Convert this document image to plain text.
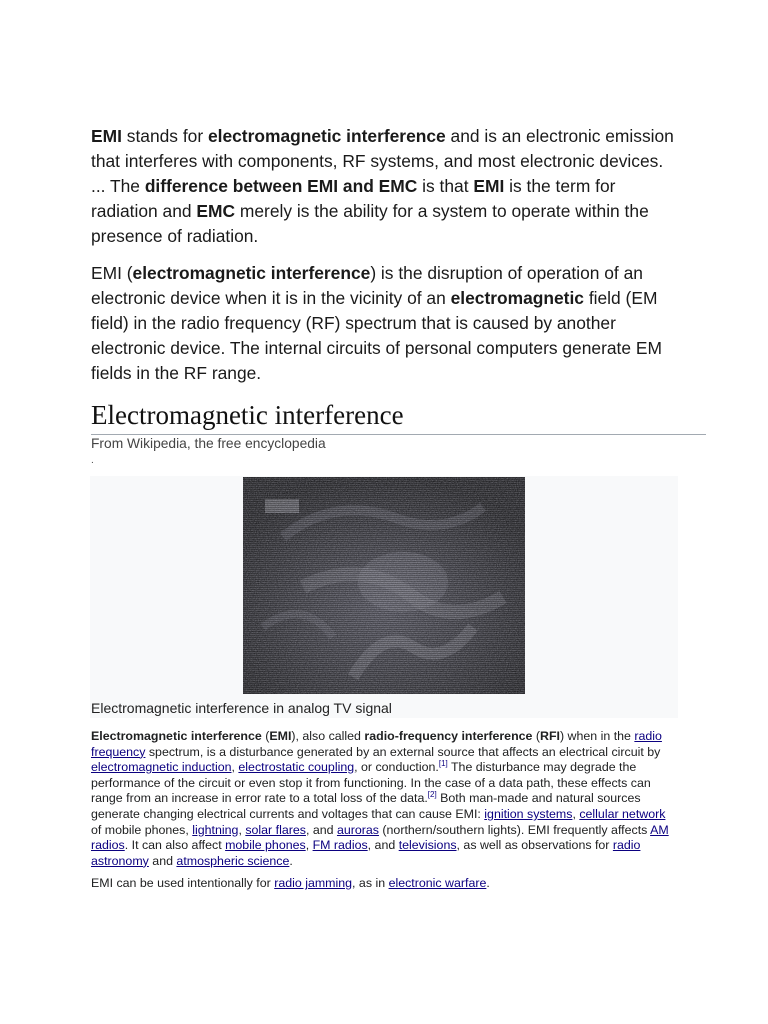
EMI stands for electromagnetic interference and is an electronic emission that interferes with components, RF systems, and most electronic devices. ... The difference between EMI and EMC is that EMI is the term for radiation and EMC merely is the ability for a system to operate within the presence of radiation.

EMI (electromagnetic interference) is the disruption of operation of an electronic device when it is in the vicinity of an electromagnetic field (EM field) in the radio frequency (RF) spectrum that is caused by another electronic device. The internal circuits of personal computers generate EM fields in the RF range.

Electromagnetic interference
From Wikipedia, the free encyclopedia
.
Electromagnetic interference in analog TV signal

Electromagnetic interference (EMI), also called radio-frequency interference (RFI) when in the radio frequency spectrum, is a disturbance generated by an external source that affects an electrical circuit by electromagnetic induction, electrostatic coupling, or conduction.[1] The disturbance may degrade the performance of the circuit or even stop it from functioning. In the case of a data path, these effects can range from an increase in error rate to a total loss of the data.[2] Both man-made and natural sources generate changing electrical currents and voltages that can cause EMI: ignition systems, cellular network of mobile phones, lightning, solar flares, and auroras (northern/southern lights). EMI frequently affects AM radios. It can also affect mobile phones, FM radios, and televisions, as well as observations for radio astronomy and atmospheric science.

EMI can be used intentionally for radio jamming, as in electronic warfare.
